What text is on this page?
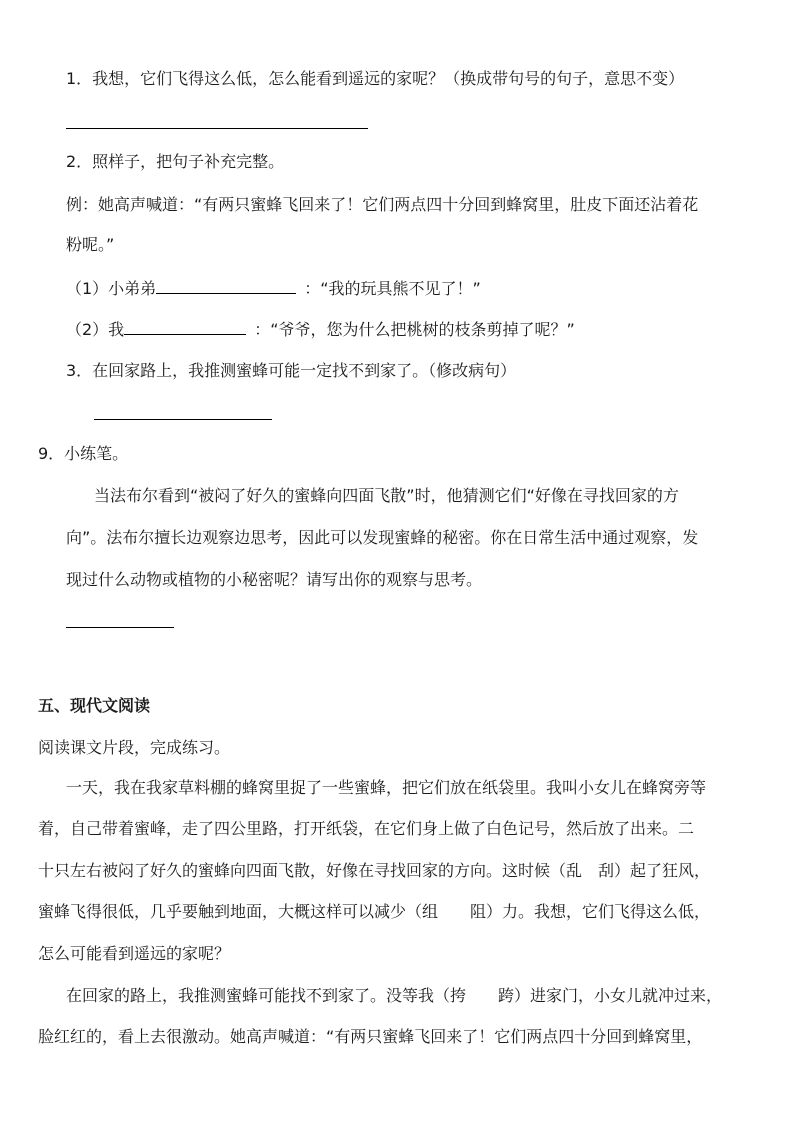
1．我想，它们飞得这么低，怎么能看到遥远的家呢？（换成带句号的句子，意思不变）
2．照样子，把句子补充完整。
例：她高声喊道：“有两只蜜蜂飞回来了！它们两点四十分回到蜂窝里，肚皮下面还沾着花
粉呢。”
（1）小弟弟	：“我的玩具熊不见了！”
（2）我	：“爷爷，您为什么把桃树的枝条剪掉了呢？”
3．在回家路上，我推测蜜蜂可能一定找不到家了。（修改病句）
9．小练笔。
当法布尔看到“被闷了好久的蜜蜂向四面飞散”时，他猜测它们“好像在寻找回家的方
向”。法布尔擅长边观察边思考，因此可以发现蜜蜂的秘密。你在日常生活中通过观察，发
现过什么动物或植物的小秘密呢？请写出你的观察与思考。
五、现代文阅读
阅读课文片段，完成练习。
一天，我在我家草料棚的蜂窝里捉了一些蜜蜂，把它们放在纸袋里。我叫小女儿在蜂窝旁等
着，自己带着蜜峰，走了四公里路，打开纸袋，在它们身上做了白色记号，然后放了出来。二
十只左右被闷了好久的蜜蜂向四面飞散，好像在寻找回家的方向。这时候（乱　刮）起了狂风，
蜜蜂飞得很低，几乎要触到地面，大概这样可以减少（组　　阻）力。我想，它们飞得这么低，
怎么可能看到遥远的家呢？
在回家的路上，我推测蜜蜂可能找不到家了。没等我（挎　　跨）进家门，小女儿就冲过来，
脸红红的，看上去很激动。她高声喊道：“有两只蜜蜂飞回来了！它们两点四十分回到蜂窝里，
